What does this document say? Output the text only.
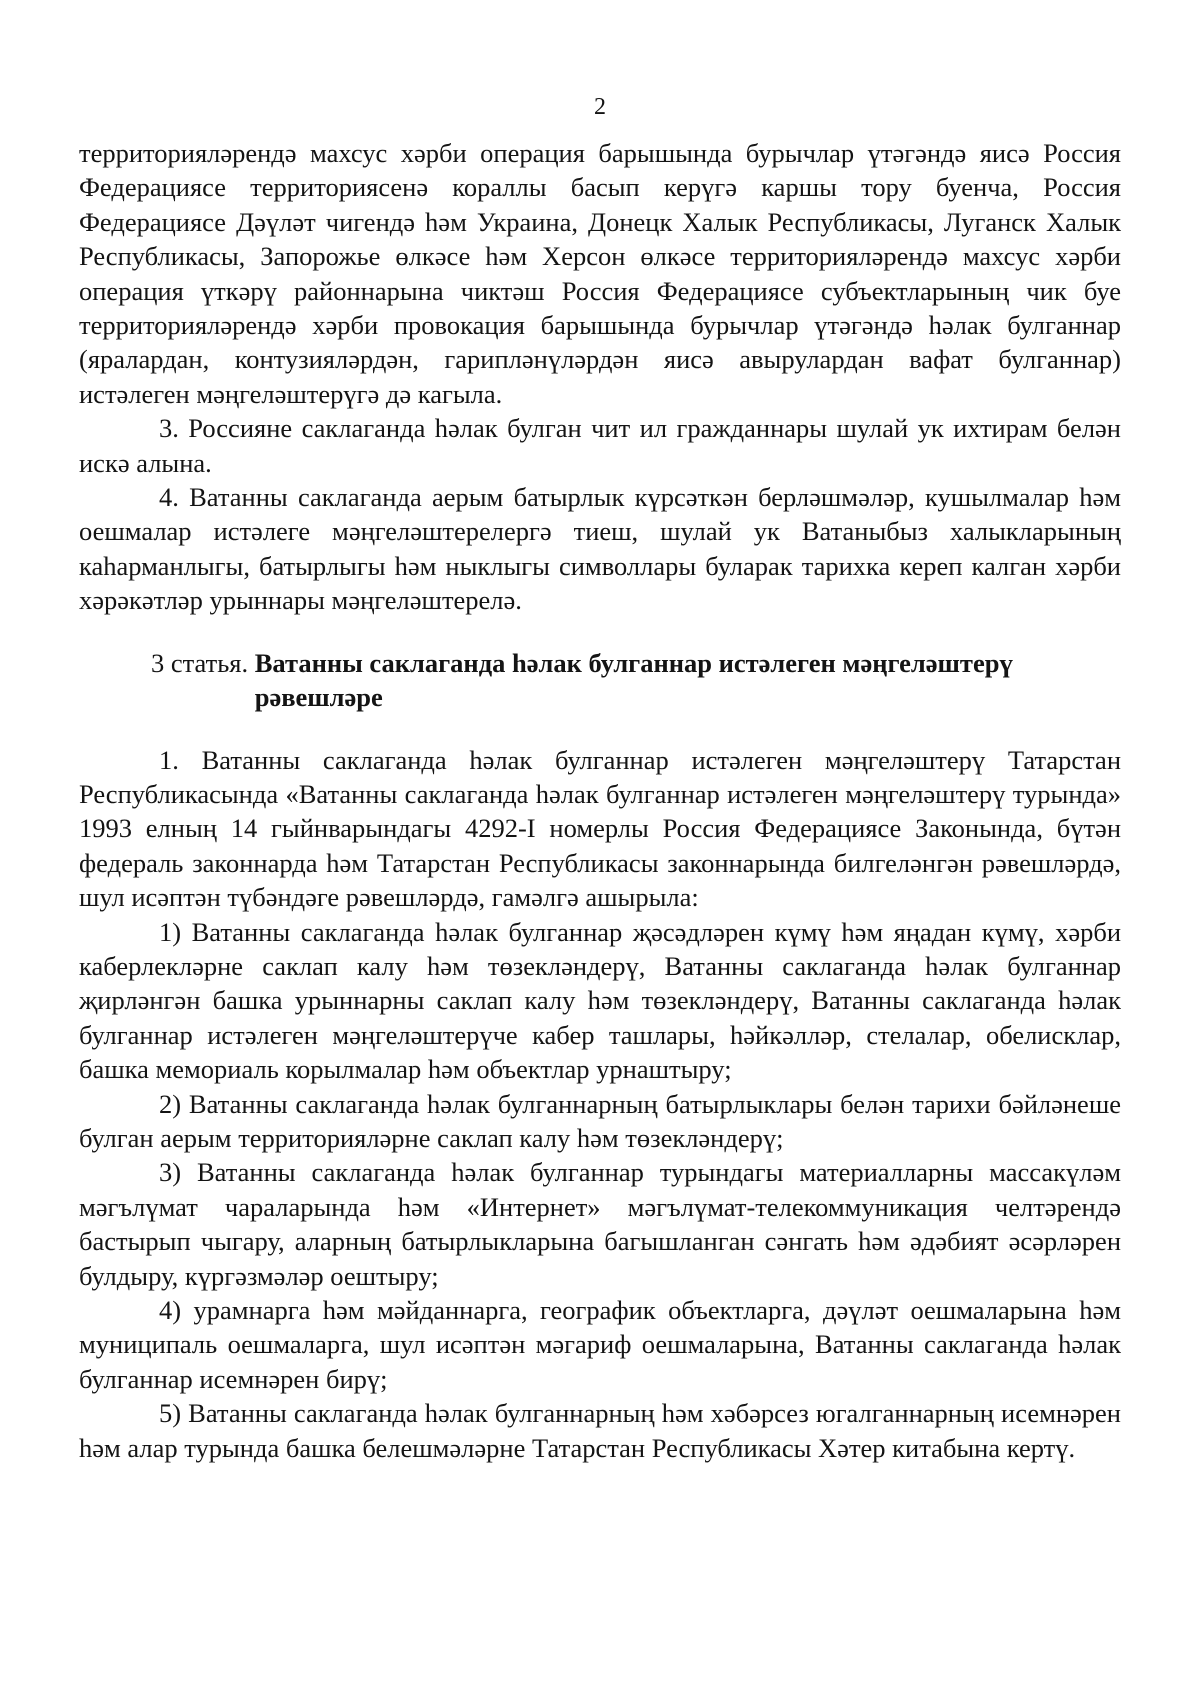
2

территорияләрендә махсус хәрби операция барышында бурычлар үтәгәндә яисә Россия Федерациясе территориясенә кораллы басып керүгә каршы тору буенча, Россия Федерациясе Дәүләт чигендә һәм Украина, Донецк Халык Республикасы, Луганск Халык Республикасы, Запорожье өлкәсе һәм Херсон өлкәсе территорияләрендә махсус хәрби операция үткәрү районнарына чиктәш Россия Федерациясе субъектларының чик буе территорияләрендә хәрби провокация барышында бурычлар үтәгәндә һәлак булганнар (яралардан, контузияләрдән, гарипләнүләрдән яисә авырулардан вафат булганнар) истәлеген мәңгеләштерүгә дә кагыла.

3. Россияне саклаганда һәлак булган чит ил гражданнары шулай ук ихтирам белән искә алына.

4. Ватанны саклаганда аерым батырлык күрсәткән берләшмәләр, кушылмалар һәм оешмалар истәлеге мәңгеләштерелергә тиеш, шулай ук Ватаныбыз халыкларының каһарманлыгы, батырлыгы һәм ныклыгы символлары буларак тарихка кереп калган хәрби хәрәкәтләр урыннары мәңгеләштерелә.

3 статья. Ватанны саклаганда һәлак булганнар истәлеген мәңгеләштерү рәвешләре

1. Ватанны саклаганда һәлак булганнар истәлеген мәңгеләштерү Татарстан Республикасында «Ватанны саклаганда һәлак булганнар истәлеген мәңгеләштерү турында» 1993 елның 14 гыйнварындагы 4292-I номерлы Россия Федерациясе Законында, бүтән федераль законнарда һәм Татарстан Республикасы законнарында билгеләнгән рәвешләрдә, шул исәптән түбәндәге рәвешләрдә, гамәлгә ашырыла:

1) Ватанны саклаганда һәлак булганнар җәсәдләрен күмү һәм яңадан күмү, хәрби каберлекләрне саклап калу һәм төзекләндерү, Ватанны саклаганда һәлак булганнар җирләнгән башка урыннарны саклап калу һәм төзекләндерү, Ватанны саклаганда һәлак булганнар истәлеген мәңгеләштерүче кабер ташлары, һәйкәлләр, стелалар, обелисклар, башка мемориаль корылмалар һәм объектлар урнаштыру;

2) Ватанны саклаганда һәлак булганнарның батырлыклары белән тарихи бәйләнеше булган аерым территорияләрне саклап калу һәм төзекләндерү;

3) Ватанны саклаганда һәлак булганнар турындагы материалларны массакүләм мәгълүмат чараларында һәм «Интернет» мәгълүмат-телекоммуникация челтәрендә бастырып чыгару, аларның батырлыкларына багышланган сәнгать һәм әдәбият әсәрләрен булдыру, күргәзмәләр оештыру;

4) урамнарга һәм мәйданнарга, географик объектларга, дәүләт оешмаларына һәм муниципаль оешмаларга, шул исәптән мәгариф оешмаларына, Ватанны саклаганда һәлак булганнар исемнәрен бирү;

5) Ватанны саклаганда һәлак булганнарның һәм хәбәрсез югалганнарның исемнәрен һәм алар турында башка белешмәләрне Татарстан Республикасы Хәтер китабына кертү.
